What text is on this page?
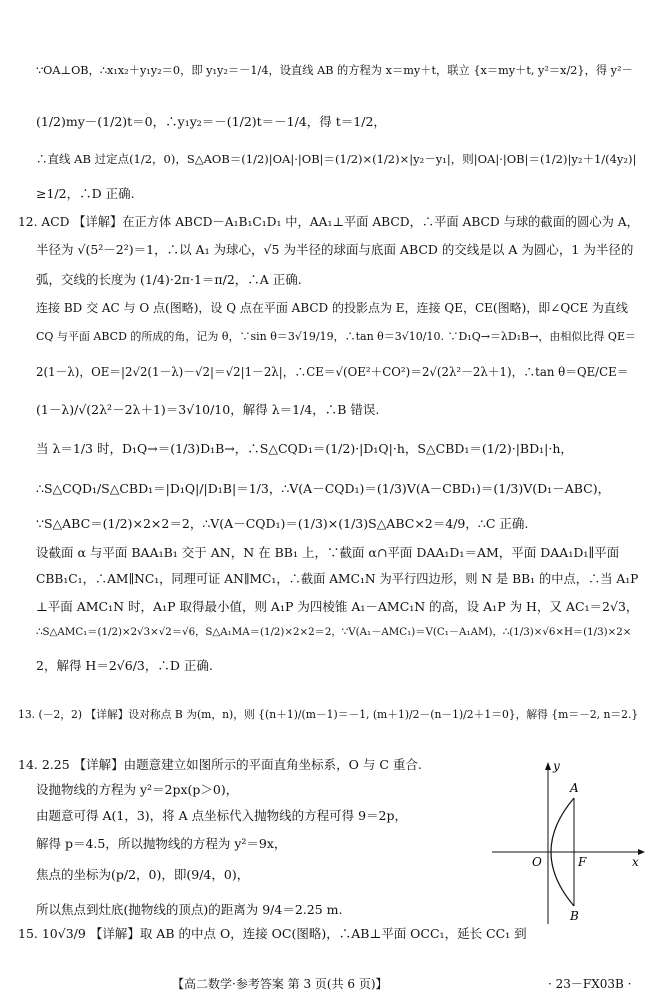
∵OA⊥OB，∴x₁x₂＋y₁y₂＝0，即 y₁y₂＝－1/4，设直线 AB 的方程为 x＝my＋t，联立 {x＝my＋t, y²＝x/2}，得 y²－
(1/2)my－(1/2)t＝0，∴y₁y₂＝－(1/2)t＝－1/4，得 t＝1/2，
∴直线 AB 过定点(1/2，0)，S△AOB＝(1/2)|OA|·|OB|＝(1/2)×(1/2)×|y₂－y₁|，则|OA|·|OB|＝(1/2)|y₂＋1/(4y₂)|
≥1/2，∴D 正确.
12. ACD 【详解】在正方体 ABCD－A₁B₁C₁D₁ 中，AA₁⊥平面 ABCD，∴平面 ABCD 与球的截面的圆心为 A，
半径为 √(5²－2²)＝1，∴以 A₁ 为球心，√5 为半径的球面与底面 ABCD 的交线是以 A 为圆心，1 为半径的
弧，交线的长度为 (1/4)·2π·1＝π/2，∴A 正确.
连接 BD 交 AC 与 O 点(图略)，设 Q 点在平面 ABCD 的投影点为 E，连接 QE，CE(图略)，即∠QCE 为直线
CQ 与平面 ABCD 的所成的角，记为 θ，∵sin θ＝3√19/19，∴tan θ＝3√10/10. ∵D₁Q→＝λD₁B→，由相似比得 QE＝
2(1－λ)，OE＝|2√2(1－λ)－√2|＝√2|1－2λ|，∴CE＝√(OE²＋CO²)＝2√(2λ²－2λ＋1)，∴tan θ＝QE/CE＝
(1－λ)/√(2λ²－2λ＋1)＝3√10/10，解得 λ＝1/4，∴B 错误.
当 λ＝1/3 时，D₁Q→＝(1/3)D₁B→，∴S△CQD₁＝(1/2)·|D₁Q|·h，S△CBD₁＝(1/2)·|BD₁|·h，
∴S△CQD₁/S△CBD₁＝|D₁Q|/|D₁B|＝1/3，∴V(A－CQD₁)＝(1/3)V(A－CBD₁)＝(1/3)V(D₁－ABC)，
∵S△ABC＝(1/2)×2×2＝2，∴V(A－CQD₁)＝(1/3)×(1/3)S△ABC×2＝4/9，∴C 正确.
设截面 α 与平面 BAA₁B₁ 交于 AN，N 在 BB₁ 上，∵截面 α∩平面 DAA₁D₁＝AM，平面 DAA₁D₁∥平面
CBB₁C₁，∴AM∥NC₁，同理可证 AN∥MC₁，∴截面 AMC₁N 为平行四边形，则 N 是 BB₁ 的中点，∴当 A₁P
⊥平面 AMC₁N 时，A₁P 取得最小值，则 A₁P 为四棱锥 A₁－AMC₁N 的高，设 A₁P 为 H，又 AC₁＝2√3，
∴S△AMC₁＝(1/2)×2√3×√2＝√6，S△A₁MA＝(1/2)×2×2＝2，∵V(A₁－AMC₁)＝V(C₁－A₁AM)，∴(1/3)×√6×H＝(1/3)×2×
2，解得 H＝2√6/3，∴D 正确.
13. (－2，2) 【详解】设对称点 B 为(m，n)，则 {(n＋1)/(m－1)＝－1, (m＋1)/2－(n－1)/2＋1＝0}，解得 {m＝－2, n＝2.}
14. 2.25 【详解】由题意建立如图所示的平面直角坐标系，O 与 C 重合.
设抛物线的方程为 y²＝2px(p＞0)，
由题意可得 A(1，3)，将 A 点坐标代入抛物线的方程可得 9＝2p，
解得 p＝4.5，所以抛物线的方程为 y²＝9x，
焦点的坐标为(p/2，0)，即(9/4，0)，
所以焦点到灶底(抛物线的顶点)的距离为 9/4＝2.25 m.
15. 10√3/9 【详解】取 AB 的中点 O，连接 OC(图略)，∴AB⊥平面 OCC₁，延长 CC₁ 到
y
x
A
B
O	F
【高二数学·参考答案 第 3 页(共 6 页)】	· 23－FX03B ·
